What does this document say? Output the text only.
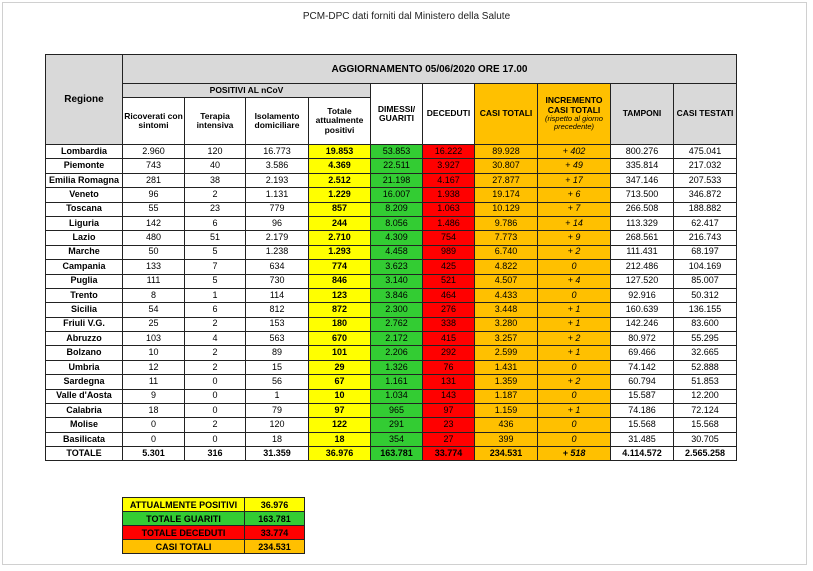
PCM-DPC dati forniti dal Ministero della Salute
Regione	AGGIORNAMENTO 05/06/2020 ORE 17.00									
	POSITIVI AL nCoV				DIMESSI/ GUARITI	DECEDUTI	CASI TOTALI	INCREMENTO CASI TOTALI
(rispetto al giorno precedente)	TAMPONI	CASI TESTATI
	Ricoverati con sintomi	Terapia intensiva	Isolamento domiciliare	Totale attualmente positivi						
Lombardia	2.960	120	16.773	19.853	53.853	16.222	89.928	+ 402	800.276	475.041
Piemonte	743	40	3.586	4.369	22.511	3.927	30.807	+ 49	335.814	217.032
Emilia Romagna	281	38	2.193	2.512	21.198	4.167	27.877	+ 17	347.146	207.533
Veneto	96	2	1.131	1.229	16.007	1.938	19.174	+ 6	713.500	346.872
Toscana	55	23	779	857	8.209	1.063	10.129	+ 7	266.508	188.882
Liguria	142	6	96	244	8.056	1.486	9.786	+ 14	113.329	62.417
Lazio	480	51	2.179	2.710	4.309	754	7.773	+ 9	268.561	216.743
Marche	50	5	1.238	1.293	4.458	989	6.740	+ 2	111.431	68.197
Campania	133	7	634	774	3.623	425	4.822	0	212.486	104.169
Puglia	111	5	730	846	3.140	521	4.507	+ 4	127.520	85.007
Trento	8	1	114	123	3.846	464	4.433	0	92.916	50.312
Sicilia	54	6	812	872	2.300	276	3.448	+ 1	160.639	136.155
Friuli V.G.	25	2	153	180	2.762	338	3.280	+ 1	142.246	83.600
Abruzzo	103	4	563	670	2.172	415	3.257	+ 2	80.972	55.295
Bolzano	10	2	89	101	2.206	292	2.599	+ 1	69.466	32.665
Umbria	12	2	15	29	1.326	76	1.431	0	74.142	52.888
Sardegna	11	0	56	67	1.161	131	1.359	+ 2	60.794	51.853
Valle d'Aosta	9	0	1	10	1.034	143	1.187	0	15.587	12.200
Calabria	18	0	79	97	965	97	1.159	+ 1	74.186	72.124
Molise	0	2	120	122	291	23	436	0	15.568	15.568
Basilicata	0	0	18	18	354	27	399	0	31.485	30.705
TOTALE	5.301	316	31.359	36.976	163.781	33.774	234.531	+ 518	4.114.572	2.565.258
ATTUALMENTE POSITIVI	36.976
TOTALE GUARITI	163.781
TOTALE DECEDUTI	33.774
CASI TOTALI	234.531
